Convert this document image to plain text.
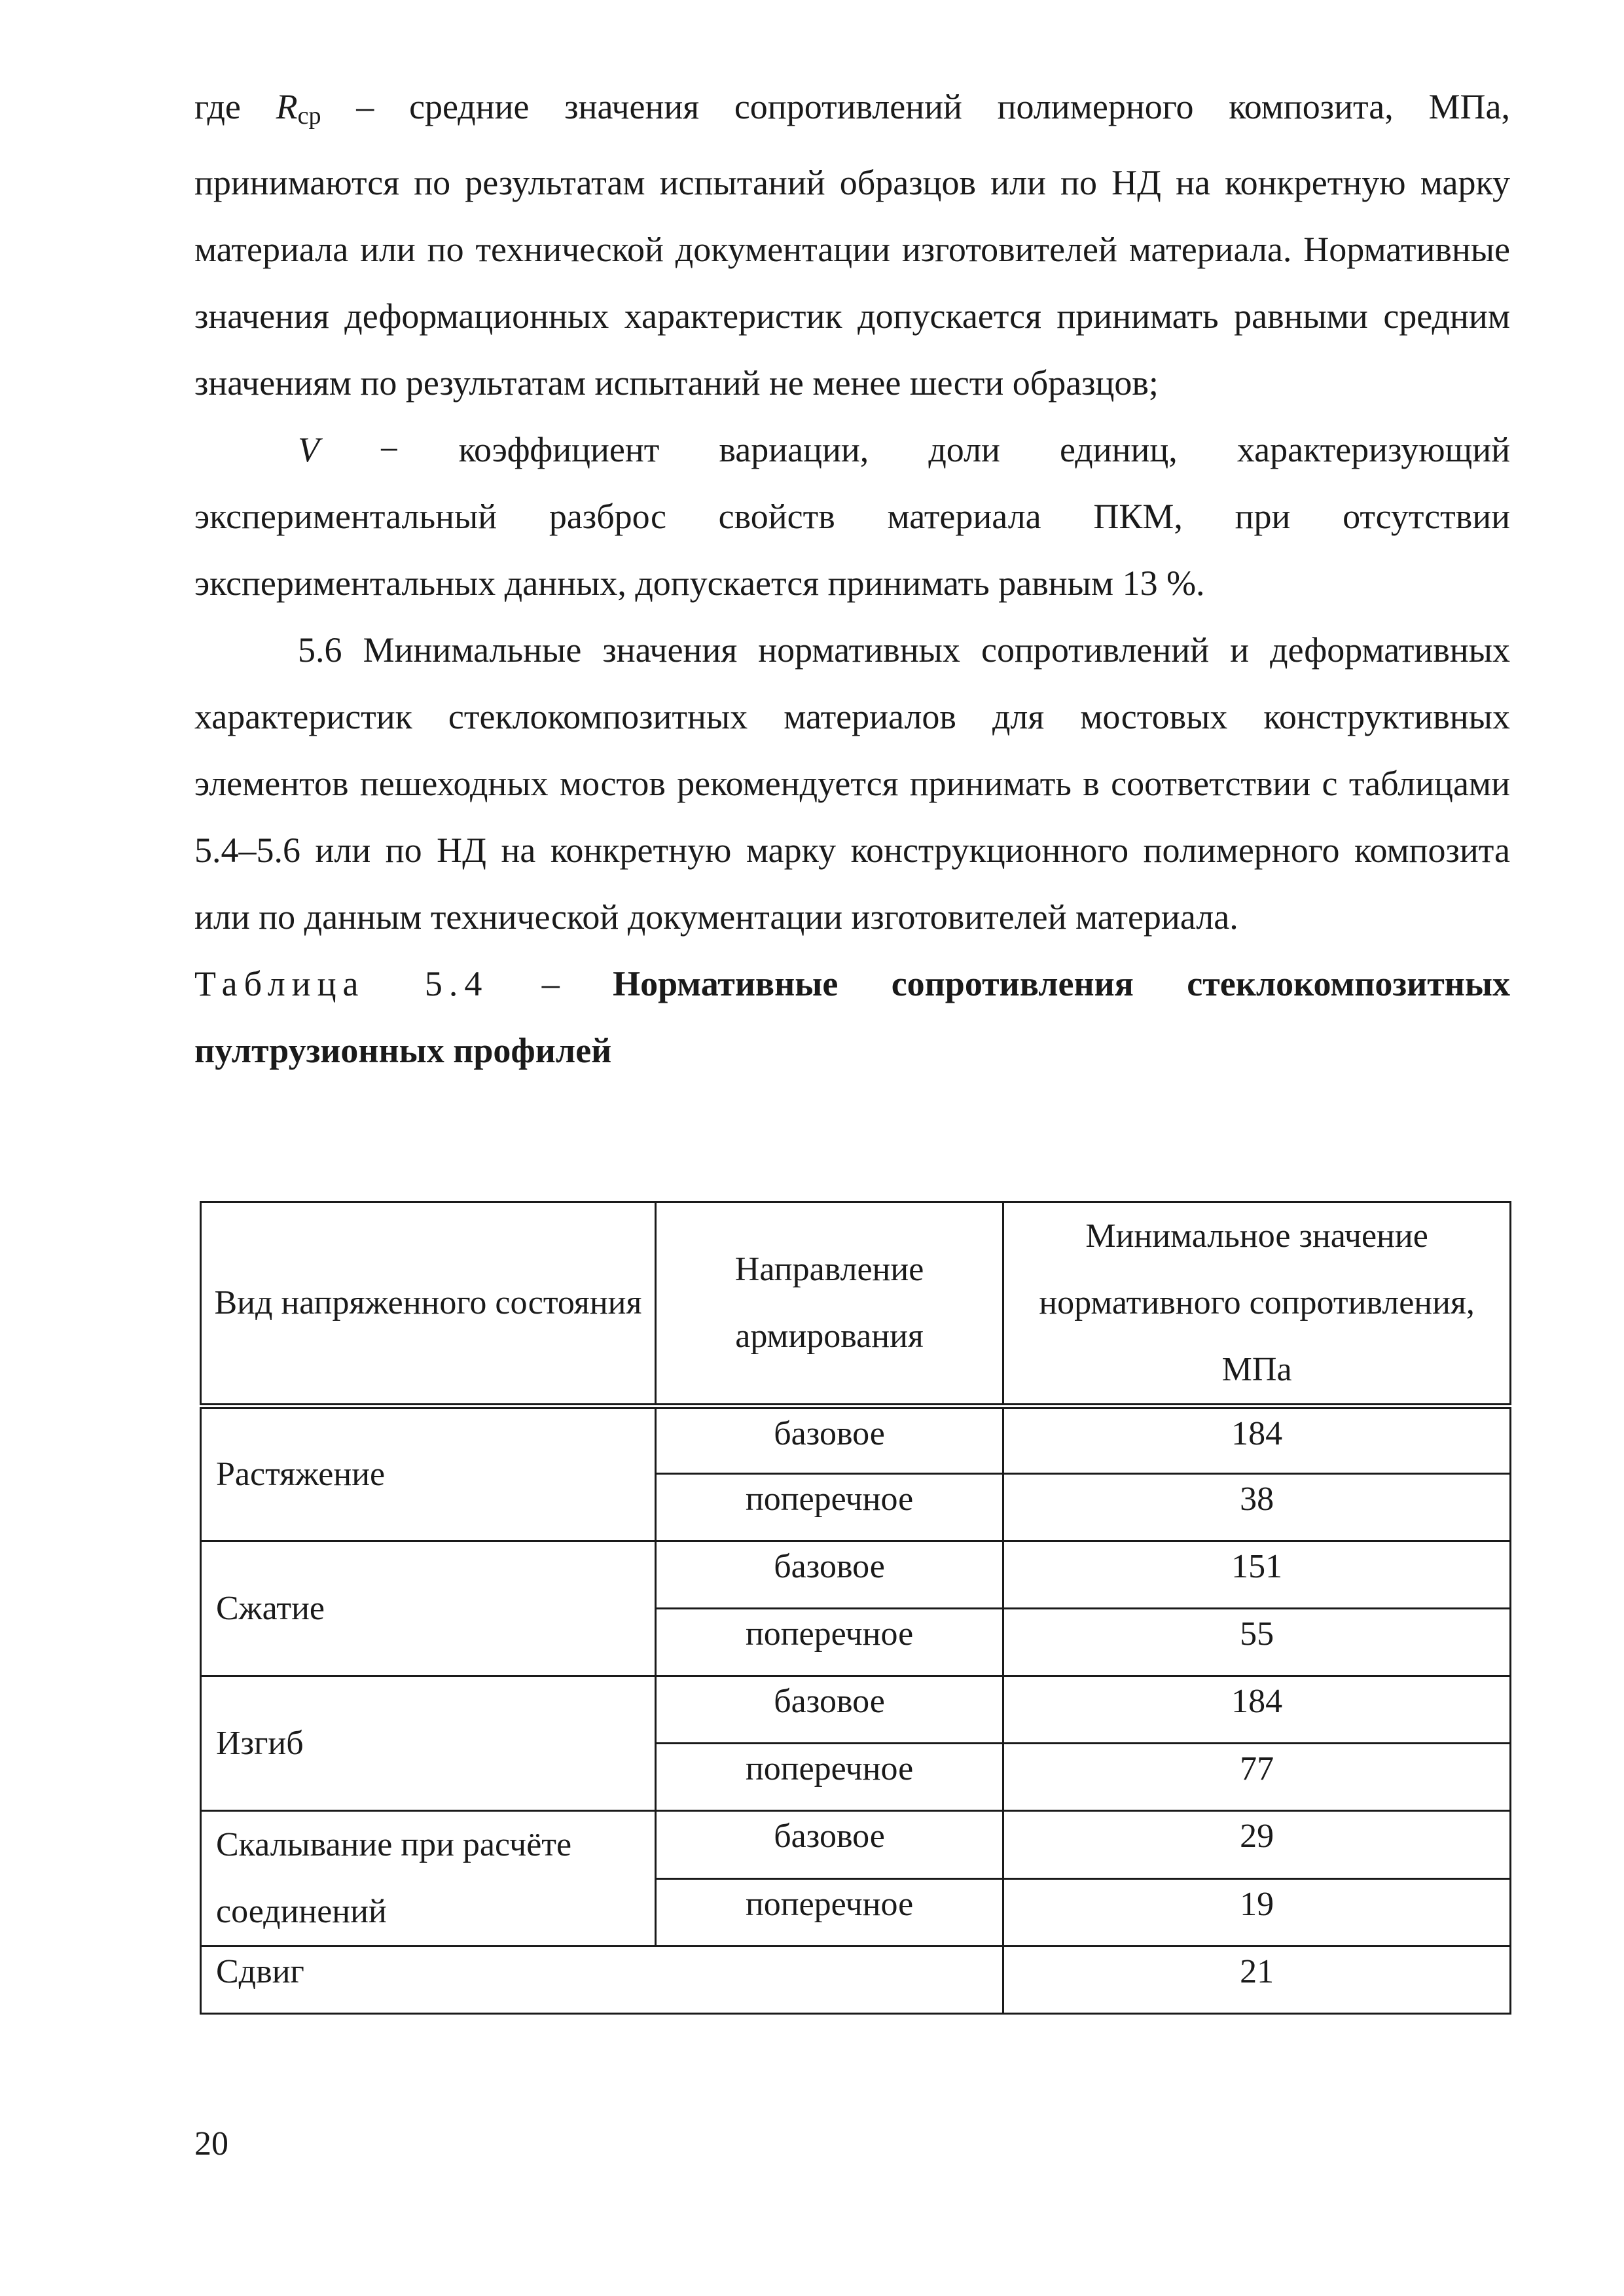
где $R_{ср}$ – средние значения сопротивлений полимерного композита, МПа, принимаются по результатам испытаний образцов или по НД на конкретную марку материала или по технической документации изготовителей материала. Нормативные значения деформационных характеристик допускается принимать равными средним значениям по результатам испытаний не менее шести образцов;

V − коэффициент вариации, доли единиц, характеризующий экспериментальный разброс свойств материала ПКМ, при отсутствии экспериментальных данных, допускается принимать равным 13 %.

5.6 Минимальные значения нормативных сопротивлений и деформативных характеристик стеклокомпозитных материалов для мостовых конструктивных элементов пешеходных мостов рекомендуется принимать в соответствии с таблицами 5.4–5.6 или по НД на конкретную марку конструкционного полимерного композита или по данным технической документации изготовителей материала.

Таблица 5.4 – Нормативные сопротивления стеклокомпозитных пултрузионных профилей

Вид напряженного состояния	Направление армирования	Минимальное значение нормативного сопротивления, МПа
Растяжение	базовое	184
	поперечное	38
Сжатие	базовое	151
	поперечное	55
Изгиб	базовое	184
	поперечное	77
Скалывание при расчёте соединений	базовое	29
	поперечное	19
Сдвиг		21
20
